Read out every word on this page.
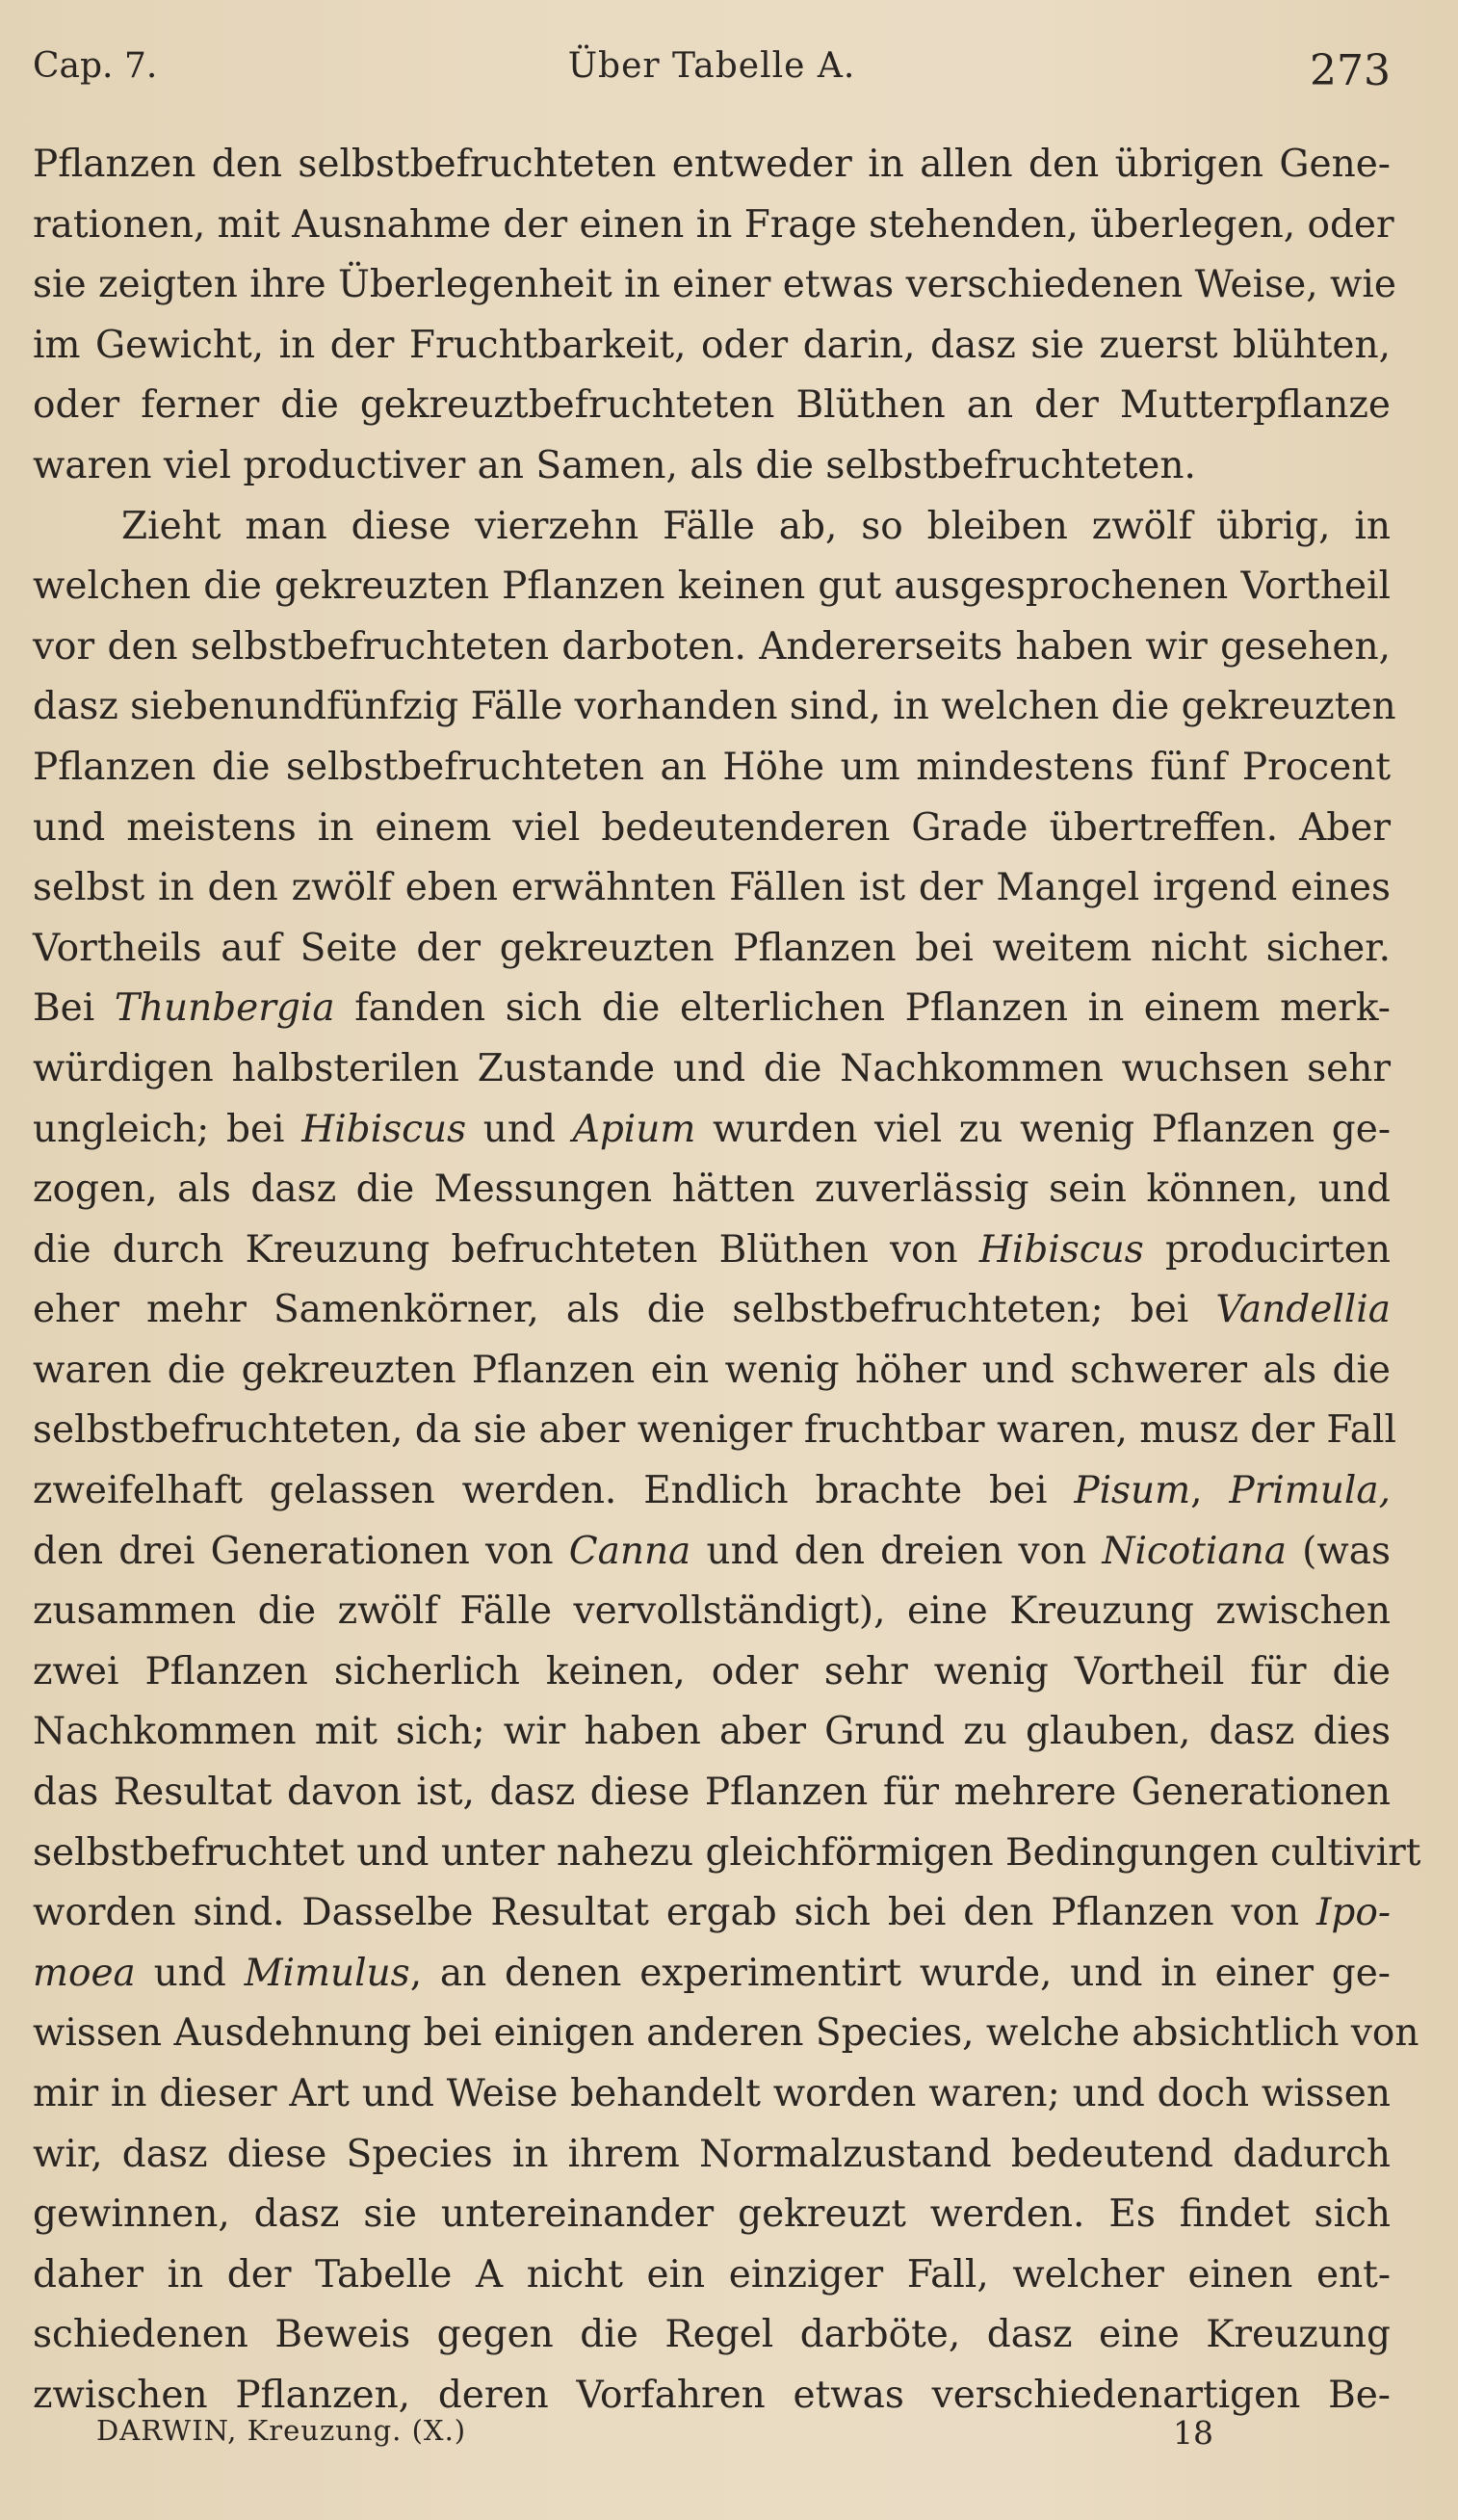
Cap. 7.	Über Tabelle A.	273
Pflanzen den selbstbefruchteten entweder in allen den übrigen Gene-
rationen, mit Ausnahme der einen in Frage stehenden, überlegen, oder
sie zeigten ihre Überlegenheit in einer etwas verschiedenen Weise, wie
im Gewicht, in der Fruchtbarkeit, oder darin, dasz sie zuerst blühten,
oder ferner die gekreuztbefruchteten Blüthen an der Mutterpflanze
waren viel productiver an Samen, als die selbstbefruchteten.
Zieht man diese vierzehn Fälle ab, so bleiben zwölf übrig, in
welchen die gekreuzten Pflanzen keinen gut ausgesprochenen Vortheil
vor den selbstbefruchteten darboten. Andererseits haben wir gesehen,
dasz siebenundfünfzig Fälle vorhanden sind, in welchen die gekreuzten
Pflanzen die selbstbefruchteten an Höhe um mindestens fünf Procent
und meistens in einem viel bedeutenderen Grade übertreffen. Aber
selbst in den zwölf eben erwähnten Fällen ist der Mangel irgend eines
Vortheils auf Seite der gekreuzten Pflanzen bei weitem nicht sicher.
Bei Thunbergia fanden sich die elterlichen Pflanzen in einem merk-
würdigen halbsterilen Zustande und die Nachkommen wuchsen sehr
ungleich; bei Hibiscus und Apium wurden viel zu wenig Pflanzen ge-
zogen, als dasz die Messungen hätten zuverlässig sein können, und
die durch Kreuzung befruchteten Blüthen von Hibiscus producirten
eher mehr Samenkörner, als die selbstbefruchteten; bei Vandellia
waren die gekreuzten Pflanzen ein wenig höher und schwerer als die
selbstbefruchteten, da sie aber weniger fruchtbar waren, musz der Fall
zweifelhaft gelassen werden. Endlich brachte bei Pisum, Primula,
den drei Generationen von Canna und den dreien von Nicotiana (was
zusammen die zwölf Fälle vervollständigt), eine Kreuzung zwischen
zwei Pflanzen sicherlich keinen, oder sehr wenig Vortheil für die
Nachkommen mit sich; wir haben aber Grund zu glauben, dasz dies
das Resultat davon ist, dasz diese Pflanzen für mehrere Generationen
selbstbefruchtet und unter nahezu gleichförmigen Bedingungen cultivirt
worden sind. Dasselbe Resultat ergab sich bei den Pflanzen von Ipo-
moea und Mimulus, an denen experimentirt wurde, und in einer ge-
wissen Ausdehnung bei einigen anderen Species, welche absichtlich von
mir in dieser Art und Weise behandelt worden waren; und doch wissen
wir, dasz diese Species in ihrem Normalzustand bedeutend dadurch
gewinnen, dasz sie untereinander gekreuzt werden. Es findet sich
daher in der Tabelle A nicht ein einziger Fall, welcher einen ent-
schiedenen Beweis gegen die Regel darböte, dasz eine Kreuzung
zwischen Pflanzen, deren Vorfahren etwas verschiedenartigen Be-
DARWIN, Kreuzung. (X.)	18
